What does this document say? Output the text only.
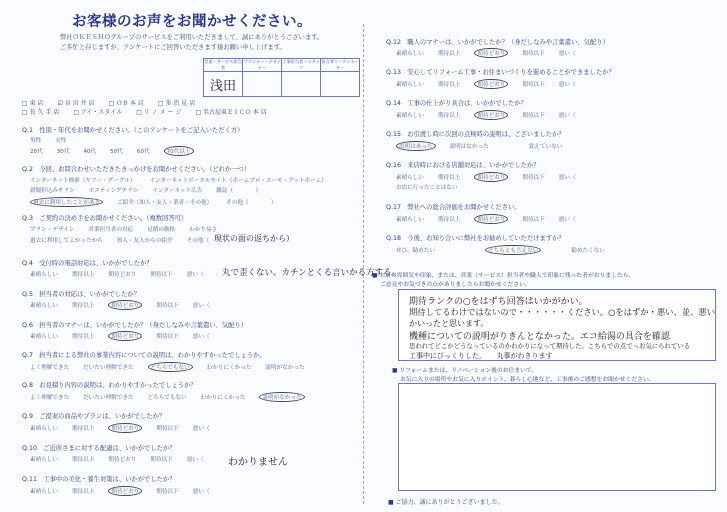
お客様のお声をお聞かせください。
弊社ＯＫＥＳＨＯグループのサービスをご利用いただきまして、誠にありがとうございます。
ご多忙と存じますが、アンケートにご回答いただきます様お願い申し上げます。
営業・サービス担当者	プランナー・デザイナー	工事担当者・スタッフ	担当者コーディネーター
浅田			
□ 東 店 ☑ 谷 田 井 店 □ ＯＢ 本 店 □ 多 治 見 店
□ 長 久 手 店 □ アイ・スタイル □ リ ノ メ ー ジ □ 名古屋東ＥＩＣＯ 本 店
Q.1　性別・年代をお聞かせください。（このアンケートをご記入いただく方）
男性	女性
20代	30代	40代	50代	60代	70代以上
Q.2　今回、お問合わせいただきたきっかけをお聞かせください。（どれか一つ）
インターネット検索（ヤフー・グーグル）	インターネットポータルサイト（ホームプロ・スーモ・アットホーム）
新聞折込みチラシ	ポスティングチラシ	インターネット広告	雑誌（　　　　）
過去に利用したことがある	ご紹介（知人・友人・業者・その他）	その他（　　　　）
Q.3　ご契約の決め手をお聞かせください。（複数回答可）
プラン・デザイン	営業担当者の対応	見積の価格	わかり易さ
過去に利用してよかったから	知人・友人からの紹介	その他（ 現状の面の返ちから）
Q.4　受付時の電話対応は、いかがでしたか？
素晴らしい	期待以上	期待どおり	期待以下	悪い（	丸で歪くない、カチンとくる言いかる方する。
Q.5　担当者の対応は、いかがでしたか？
素晴らしい	期待以上	期待どおり	期待以下	悪い（
Q.6　担当者のマナーは、いかがでしたか？（身だしなみや言葉遣い、気配り）
素晴らしい	期待以上	期待どおり	期待以下	悪い（
Q.7　担当者による弊社の事業内容についての説明は、わかりやすかったでしょうか。
よく理解できた	だいたい理解できた	どちらでもない	わかりにくかった	説明がなかった
Q.8　お見積り内容の説明は、わかりやすかったでしょうか？
よく理解できた	だいたい理解できた	どちらでもない	わかりにくかった	説明がなかった
Q.9　ご提案の商品やプランは、いかがでしたか？
素晴らしい	期待以上	期待どおり	期待以下	悪い（
Q.10　ご近所さまに対する配慮は、いかがでしたか？
素晴らしい	期待以上	期待どおり	期待以下	悪い（	わかりません
Q.11　工事中の美化・養生対策は、いかがでしたか？
素晴らしい	期待以上	期待どおり	期待以下	悪い（
Q.12　職人のマナーは、いかがでしたか？（身だしなみや言葉遣い、気配り）
素晴らしい	期待以上	期待どおり	期待以下	悪い（
Q.13　安心してリフォーム工事・お住まいづくりを進めることができましたか？
素晴らしい	期待以上	期待どおり	期待以下	悪い（
Q.14　工事の仕上がり具合は、いかがでしたか？
素晴らしい	期待以上	期待どおり	期待以下	悪い（
Q.15　お引渡し時に次回の点検時の説明は、ございましたか？
説明はあった	説明はなかった	覚えていない
Q.16　来店時における店舗対応は、いかがでしたか？
素晴らしい	期待以上	期待どおり	期待以下	悪い（
お店に行ったことはない
Q.17　弊社への総合評価をお聞かせください。
素晴らしい	期待以上	期待どおり	期待以下	悪い（
Q.18　今後、お知り合いに弊社をお勧めしていただけますか？
ぜひ、勧めたい	どちらとも言えない	勧めたくない
■ お店の雰囲気や印象、または、営業（サービス）担当者や職人で印象に残った者がおりましたら、
ご意見やお気づきの点がありましたらお聞かせください。
期待ランクの○をはずち回答はいかがかい。
期待してるわけではないので・・・・・・ください。○をはずか・悪い、並、悪い
かいったと思います。
機種についての説明がりきんとなかった。エコ給湯の具合を確認
思われてどこかどうなっているのかわかりになって期待した。こちらでの点でっお気にられている
工事中にびっくりした。　　丸事がわきります
■ リフォームまたは、リノベーション後のお住まいで、
お気に入りの場所やお気に入りポイント、暮らし心地など、工事後のご感想をお聞かせください。
■ ご協力、誠にありがとうございました。
